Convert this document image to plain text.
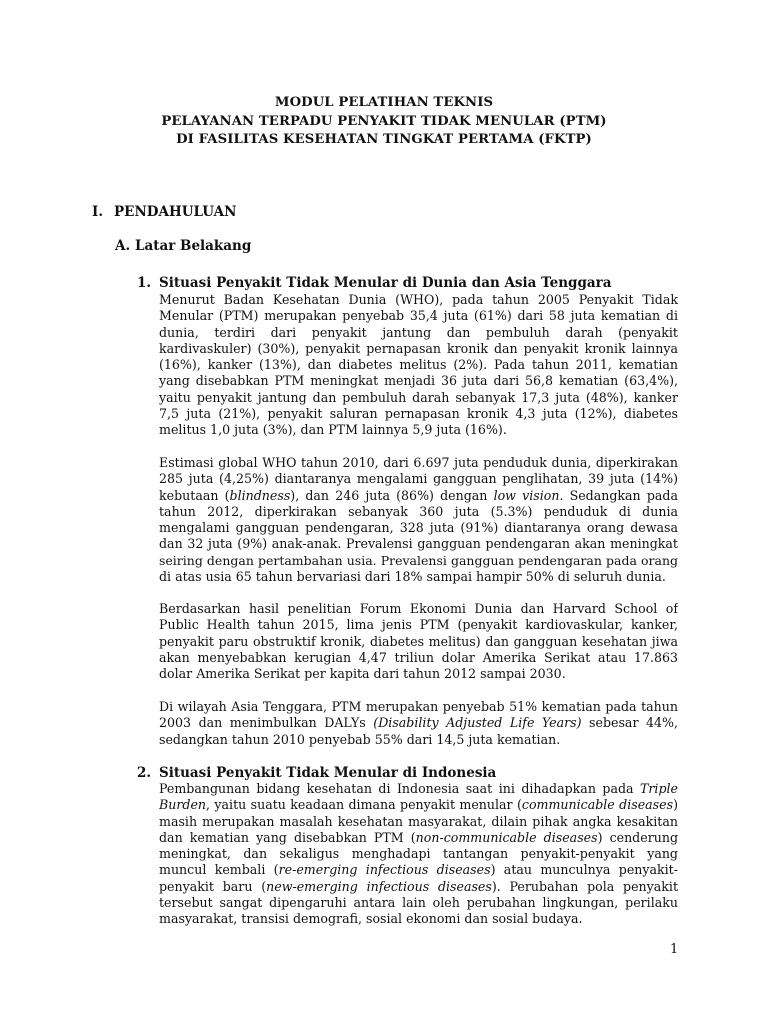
MODUL PELATIHAN TEKNIS
PELAYANAN TERPADU PENYAKIT TIDAK MENULAR (PTM)
DI FASILITAS KESEHATAN TINGKAT PERTAMA (FKTP)
I. PENDAHULUAN
A. Latar Belakang
1. Situasi Penyakit Tidak Menular di Dunia dan Asia Tenggara
Menurut Badan Kesehatan Dunia (WHO), pada tahun 2005 Penyakit Tidak
Menular (PTM) merupakan penyebab 35,4 juta (61%) dari 58 juta kematian di
dunia, terdiri dari penyakit jantung dan pembuluh darah (penyakit
kardivaskuler) (30%), penyakit pernapasan kronik dan penyakit kronik lainnya
(16%), kanker (13%), dan diabetes melitus (2%). Pada tahun 2011, kematian
yang disebabkan PTM meningkat menjadi 36 juta dari 56,8 kematian (63,4%),
yaitu penyakit jantung dan pembuluh darah sebanyak 17,3 juta (48%), kanker
7,5 juta (21%), penyakit saluran pernapasan kronik 4,3 juta (12%), diabetes
melitus 1,0 juta (3%), dan PTM lainnya 5,9 juta (16%).
Estimasi global WHO tahun 2010, dari 6.697 juta penduduk dunia, diperkirakan
285 juta (4,25%) diantaranya mengalami gangguan penglihatan, 39 juta (14%)
kebutaan (blindness), dan 246 juta (86%) dengan low vision. Sedangkan pada
tahun 2012, diperkirakan sebanyak 360 juta (5.3%) penduduk di dunia
mengalami gangguan pendengaran, 328 juta (91%) diantaranya orang dewasa
dan 32 juta (9%) anak-anak. Prevalensi gangguan pendengaran akan meningkat
seiring dengan pertambahan usia. Prevalensi gangguan pendengaran pada orang
di atas usia 65 tahun bervariasi dari 18% sampai hampir 50% di seluruh dunia.
Berdasarkan hasil penelitian Forum Ekonomi Dunia dan Harvard School of
Public Health tahun 2015, lima jenis PTM (penyakit kardiovaskular, kanker,
penyakit paru obstruktif kronik, diabetes melitus) dan gangguan kesehatan jiwa
akan menyebabkan kerugian 4,47 triliun dolar Amerika Serikat atau 17.863
dolar Amerika Serikat per kapita dari tahun 2012 sampai 2030.
Di wilayah Asia Tenggara, PTM merupakan penyebab 51% kematian pada tahun
2003 dan menimbulkan DALYs (Disability Adjusted Life Years) sebesar 44%,
sedangkan tahun 2010 penyebab 55% dari 14,5 juta kematian.
2. Situasi Penyakit Tidak Menular di Indonesia
Pembangunan bidang kesehatan di Indonesia saat ini dihadapkan pada Triple
Burden, yaitu suatu keadaan dimana penyakit menular (communicable diseases)
masih merupakan masalah kesehatan masyarakat, dilain pihak angka kesakitan
dan kematian yang disebabkan PTM (non-communicable diseases) cenderung
meningkat, dan sekaligus menghadapi tantangan penyakit-penyakit yang
muncul kembali (re-emerging infectious diseases) atau munculnya penyakit-
penyakit baru (new-emerging infectious diseases). Perubahan pola penyakit
tersebut sangat dipengaruhi antara lain oleh perubahan lingkungan, perilaku
masyarakat, transisi demografi, sosial ekonomi dan sosial budaya.
1
